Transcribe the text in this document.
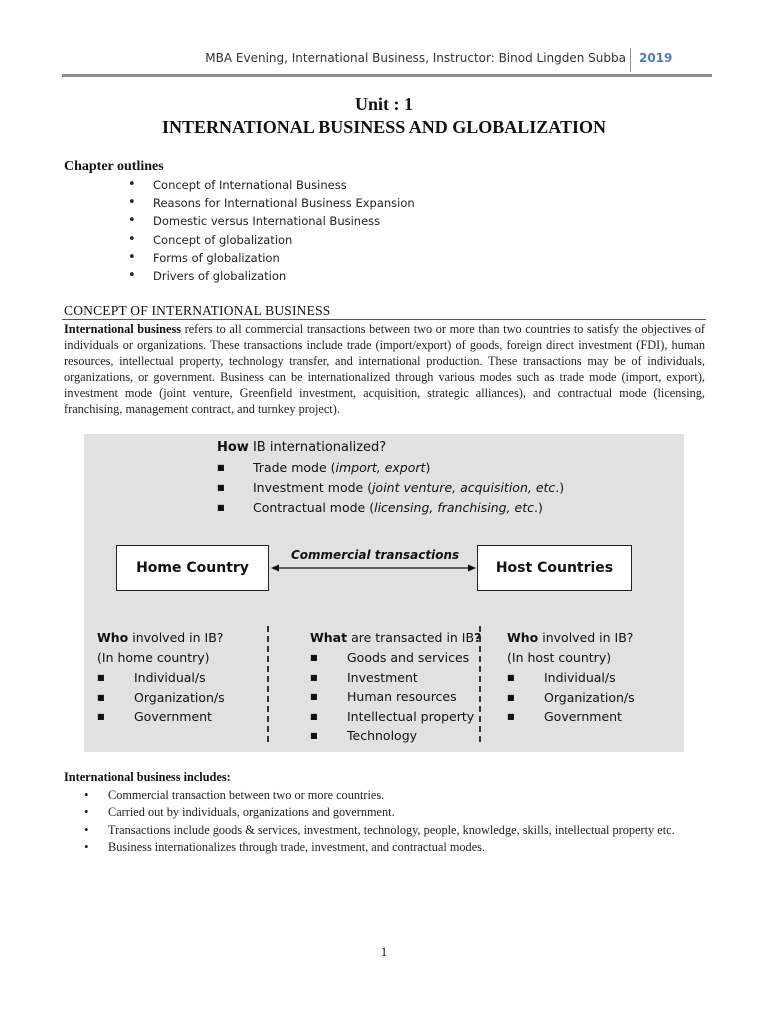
MBA Evening, International Business, Instructor: Binod Lingden Subba 2019
Unit : 1
INTERNATIONAL BUSINESS AND GLOBALIZATION
Chapter outlines
• Concept of International Business
• Reasons for International Business Expansion
• Domestic versus International Business
• Concept of globalization
• Forms of globalization
• Drivers of globalization
CONCEPT OF INTERNATIONAL BUSINESS
International business refers to all commercial transactions between two or more than two countries to satisfy the objectives of individuals or organizations. These transactions include trade (import/export) of goods, foreign direct investment (FDI), human resources, intellectual property, technology transfer, and international production. These transactions may be of individuals, organizations, or government. Business can be internationalized through various modes such as trade mode (import, export), investment mode (joint venture, Greenfield investment, acquisition, strategic alliances), and contractual mode (licensing, franchising, management contract, and turnkey project).
How IB internationalized?
■ Trade mode (import, export)
■ Investment mode (joint venture, acquisition, etc.)
■ Contractual mode (licensing, franchising, etc.)
Home Country	Host Countries
Commercial transactions
Who involved in IB?
(In home country)
■ Individual/s
■ Organization/s
■ Government
What are transacted in IB?
■ Goods and services
■ Investment
■ Human resources
■ Intellectual property
■ Technology
Who involved in IB?
(In host country)
■ Individual/s
■ Organization/s
■ Government
International business includes:
• Commercial transaction between two or more countries.
• Carried out by individuals, organizations and government.
• Transactions include goods & services, investment, technology, people, knowledge, skills, intellectual property etc.
• Business internationalizes through trade, investment, and contractual modes.
1
